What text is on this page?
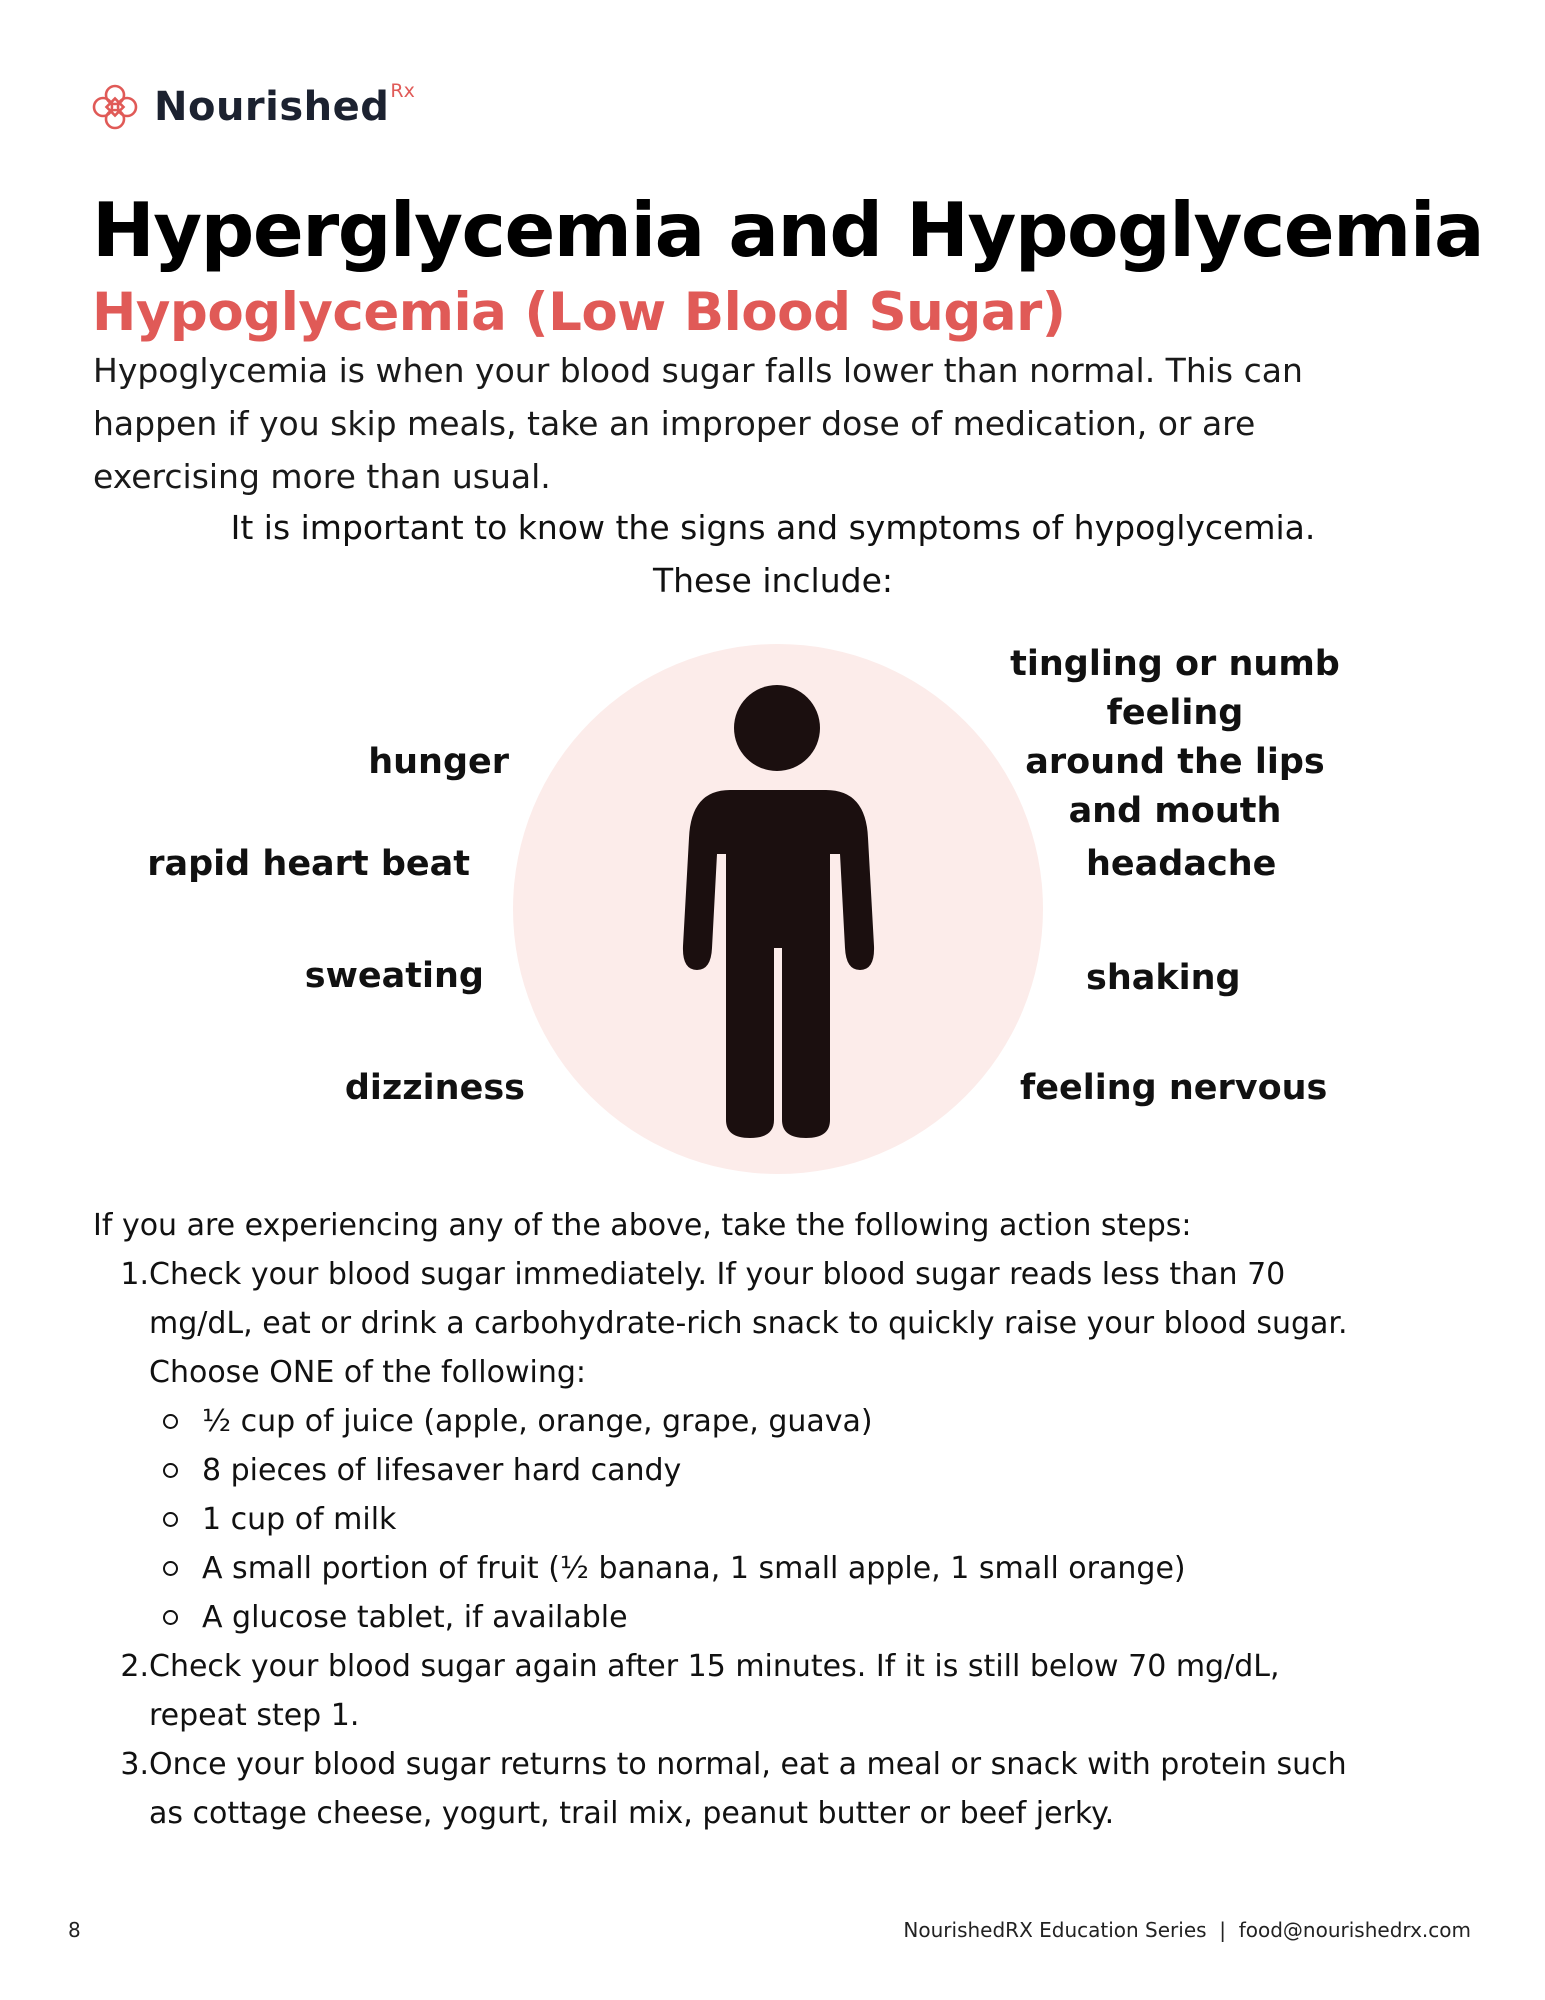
Nourished Rx
Hyperglycemia and Hypoglycemia
Hypoglycemia (Low Blood Sugar)

Hypoglycemia is when your blood sugar falls lower than normal. This can
happen if you skip meals, take an improper dose of medication, or are
exercising more than usual.

It is important to know the signs and symptoms of hypoglycemia.
These include:

hunger
rapid heart beat
sweating
dizziness
tingling or numb feeling
around the lips
and mouth
headache
shaking
feeling nervous

If you are experiencing any of the above, take the following action steps:

1. Check your blood sugar immediately. If your blood sugar reads less than 70
mg/dL, eat or drink a carbohydrate-rich snack to quickly raise your blood sugar.
Choose ONE of the following:
½ cup of juice (apple, orange, grape, guava)
8 pieces of lifesaver hard candy
1 cup of milk
A small portion of fruit (½ banana, 1 small apple, 1 small orange)
A glucose tablet, if available
2. Check your blood sugar again after 15 minutes. If it is still below 70 mg/dL,
repeat step 1.
3. Once your blood sugar returns to normal, eat a meal or snack with protein such
as cottage cheese, yogurt, trail mix, peanut butter or beef jerky.
8	NourishedRX Education Series  |  food@nourishedrx.com
